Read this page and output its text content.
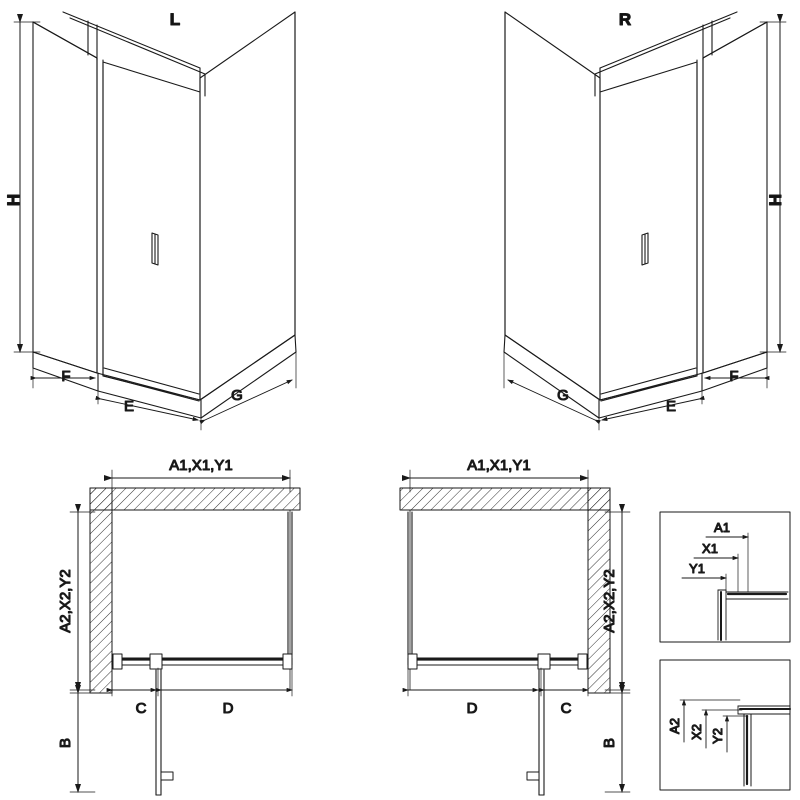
H
F
E
G
L
H
F
E
G
R
A1,X1,Y1
A2,X2,Y2
B
C	D
A1,X1,Y1
A2,X2,Y2
B
D	C
A1
X1
Y1
A2 X2 Y2
